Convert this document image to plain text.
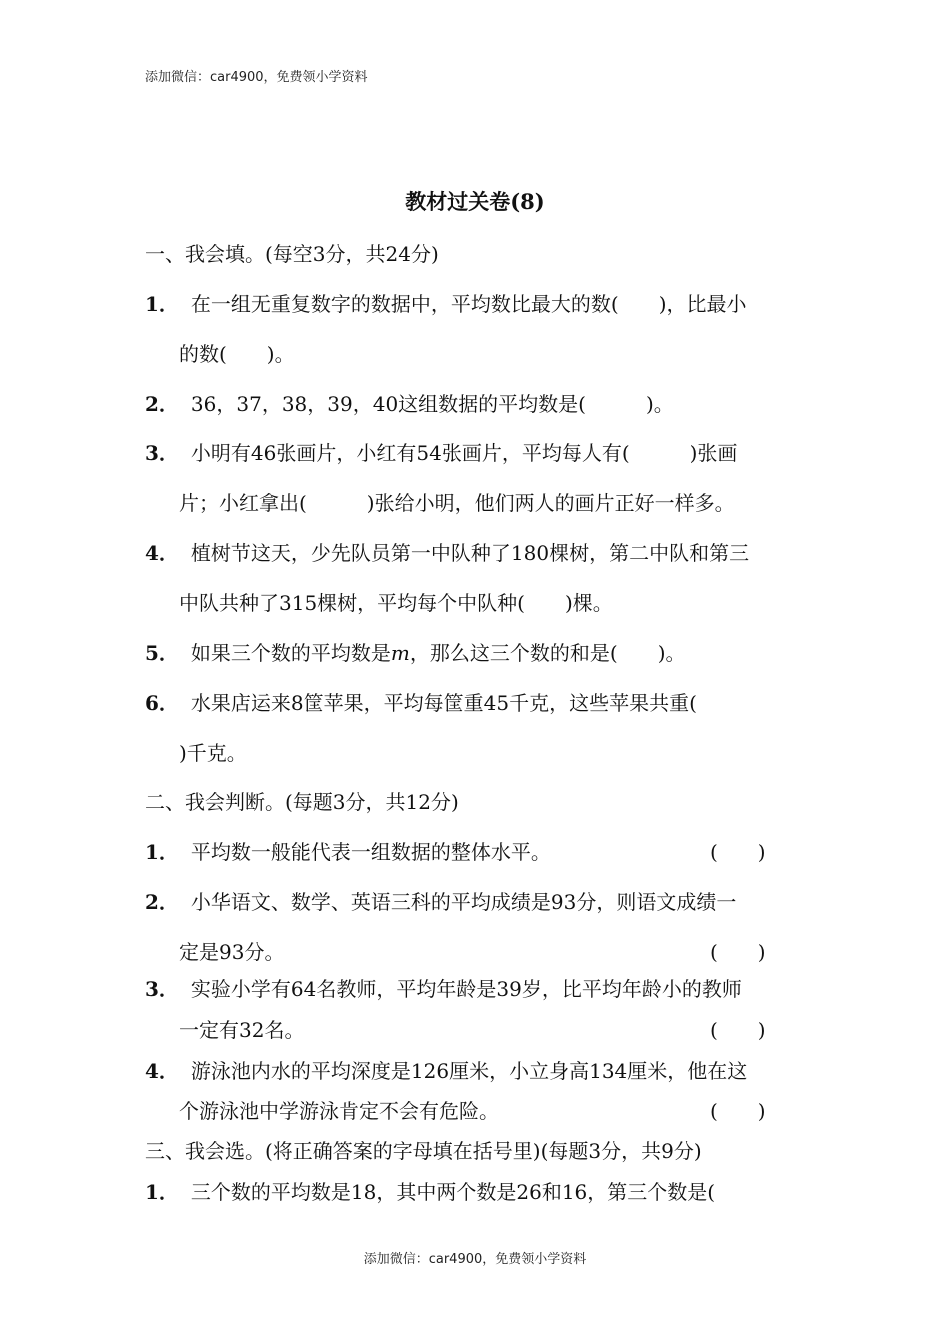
添加微信：car4900，免费领小学资料
教材过关卷(8)
一、我会填。(每空3分，共24分)
1． 在一组无重复数字的数据中，平均数比最大的数(　　)，比最小
的数(　　)。
2． 36，37，38，39，40这组数据的平均数是(　　　)。
3． 小明有46张画片，小红有54张画片，平均每人有(　　　)张画
片；小红拿出(　　　)张给小明，他们两人的画片正好一样多。
4． 植树节这天，少先队员第一中队种了180棵树，第二中队和第三
中队共种了315棵树，平均每个中队种(　　)棵。
5． 如果三个数的平均数是m，那么这三个数的和是(　　)。
6． 水果店运来8筐苹果，平均每筐重45千克，这些苹果共重(
)千克。
二、我会判断。(每题3分，共12分)
1． 平均数一般能代表一组数据的整体水平。	(　　)
2． 小华语文、数学、英语三科的平均成绩是93分，则语文成绩一
定是93分。	(　　)
3． 实验小学有64名教师，平均年龄是39岁，比平均年龄小的教师
一定有32名。	(　　)
4． 游泳池内水的平均深度是126厘米，小立身高134厘米，他在这
个游泳池中学游泳肯定不会有危险。	(　　)
三、我会选。(将正确答案的字母填在括号里)(每题3分，共9分)
1． 三个数的平均数是18，其中两个数是26和16，第三个数是(
添加微信：car4900，免费领小学资料
